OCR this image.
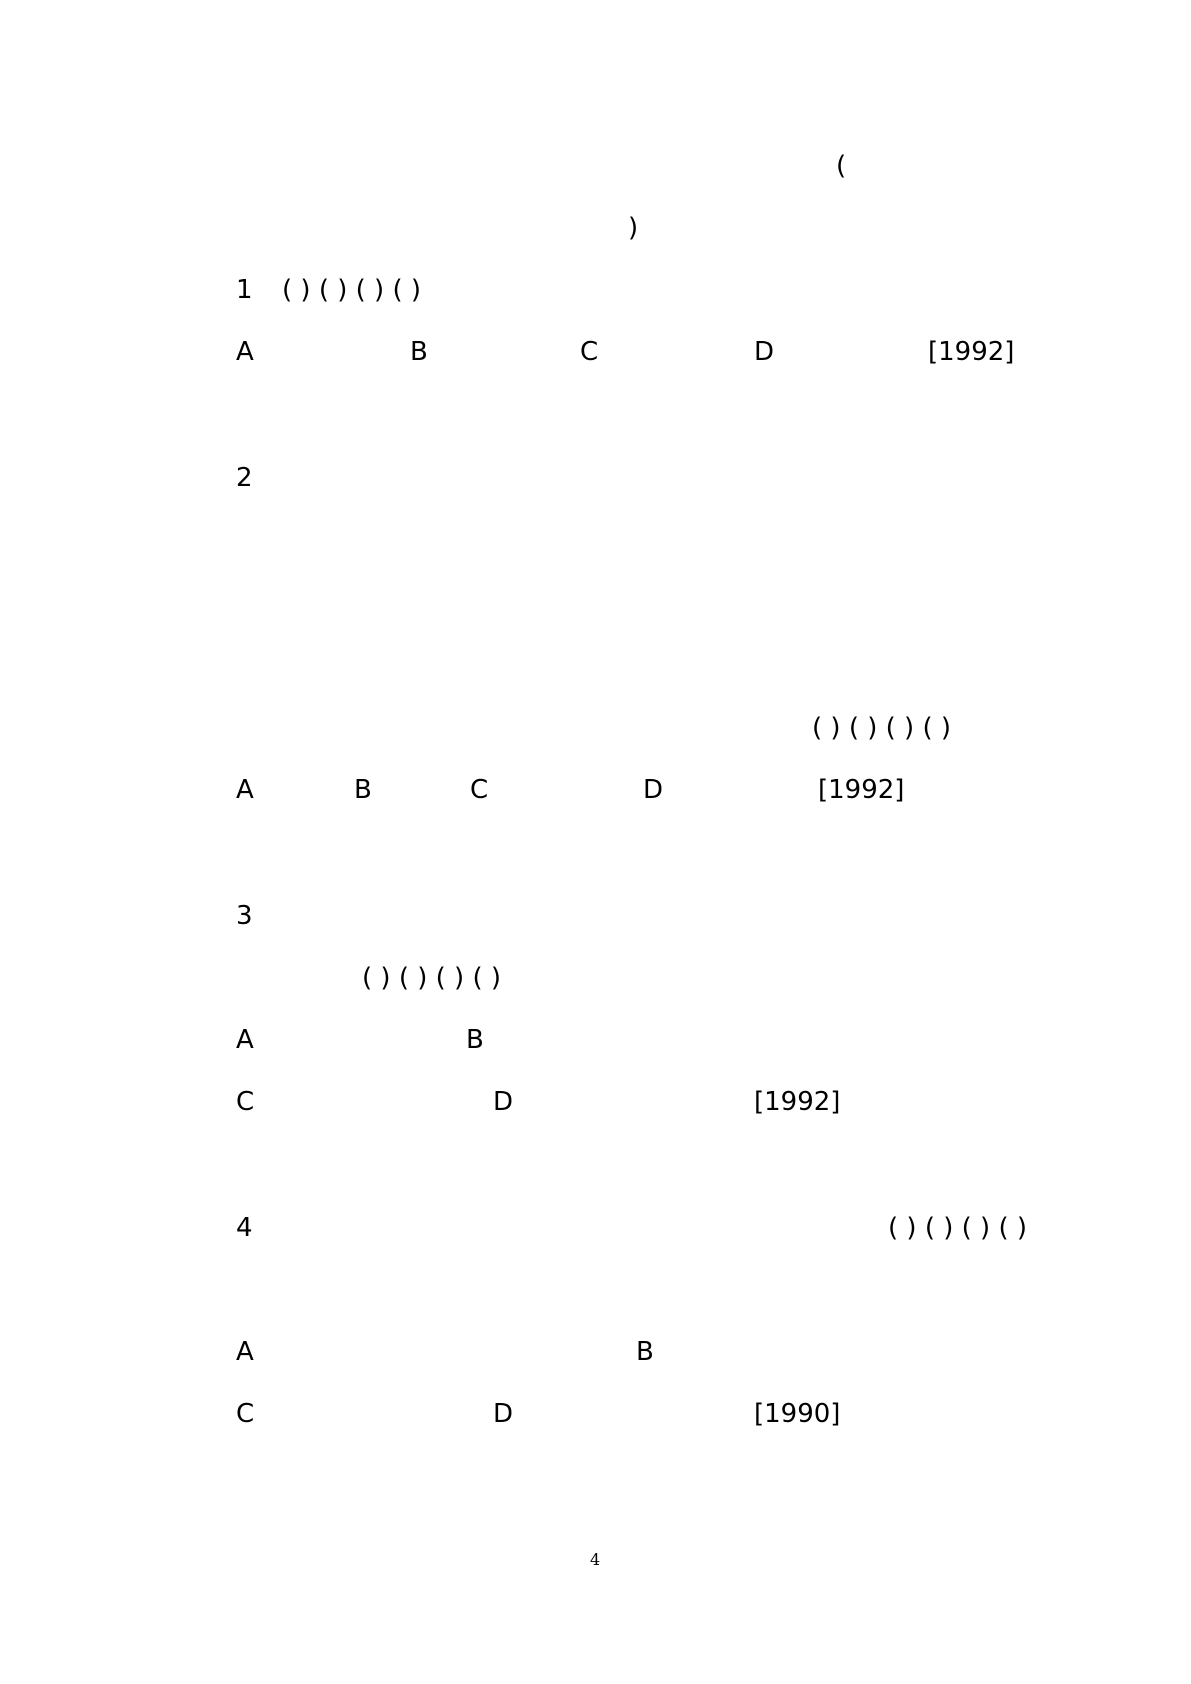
(
)
1 ( ) ( ) ( ) ( )
A	B	C	D	[1992]
2
( ) ( ) ( ) ( )
A	B	C	D	[1992]
3
( ) ( ) ( ) ( )
A	B
C	D	[1992]
4	( ) ( ) ( ) ( )
A	B
C	D	[1990]
4
